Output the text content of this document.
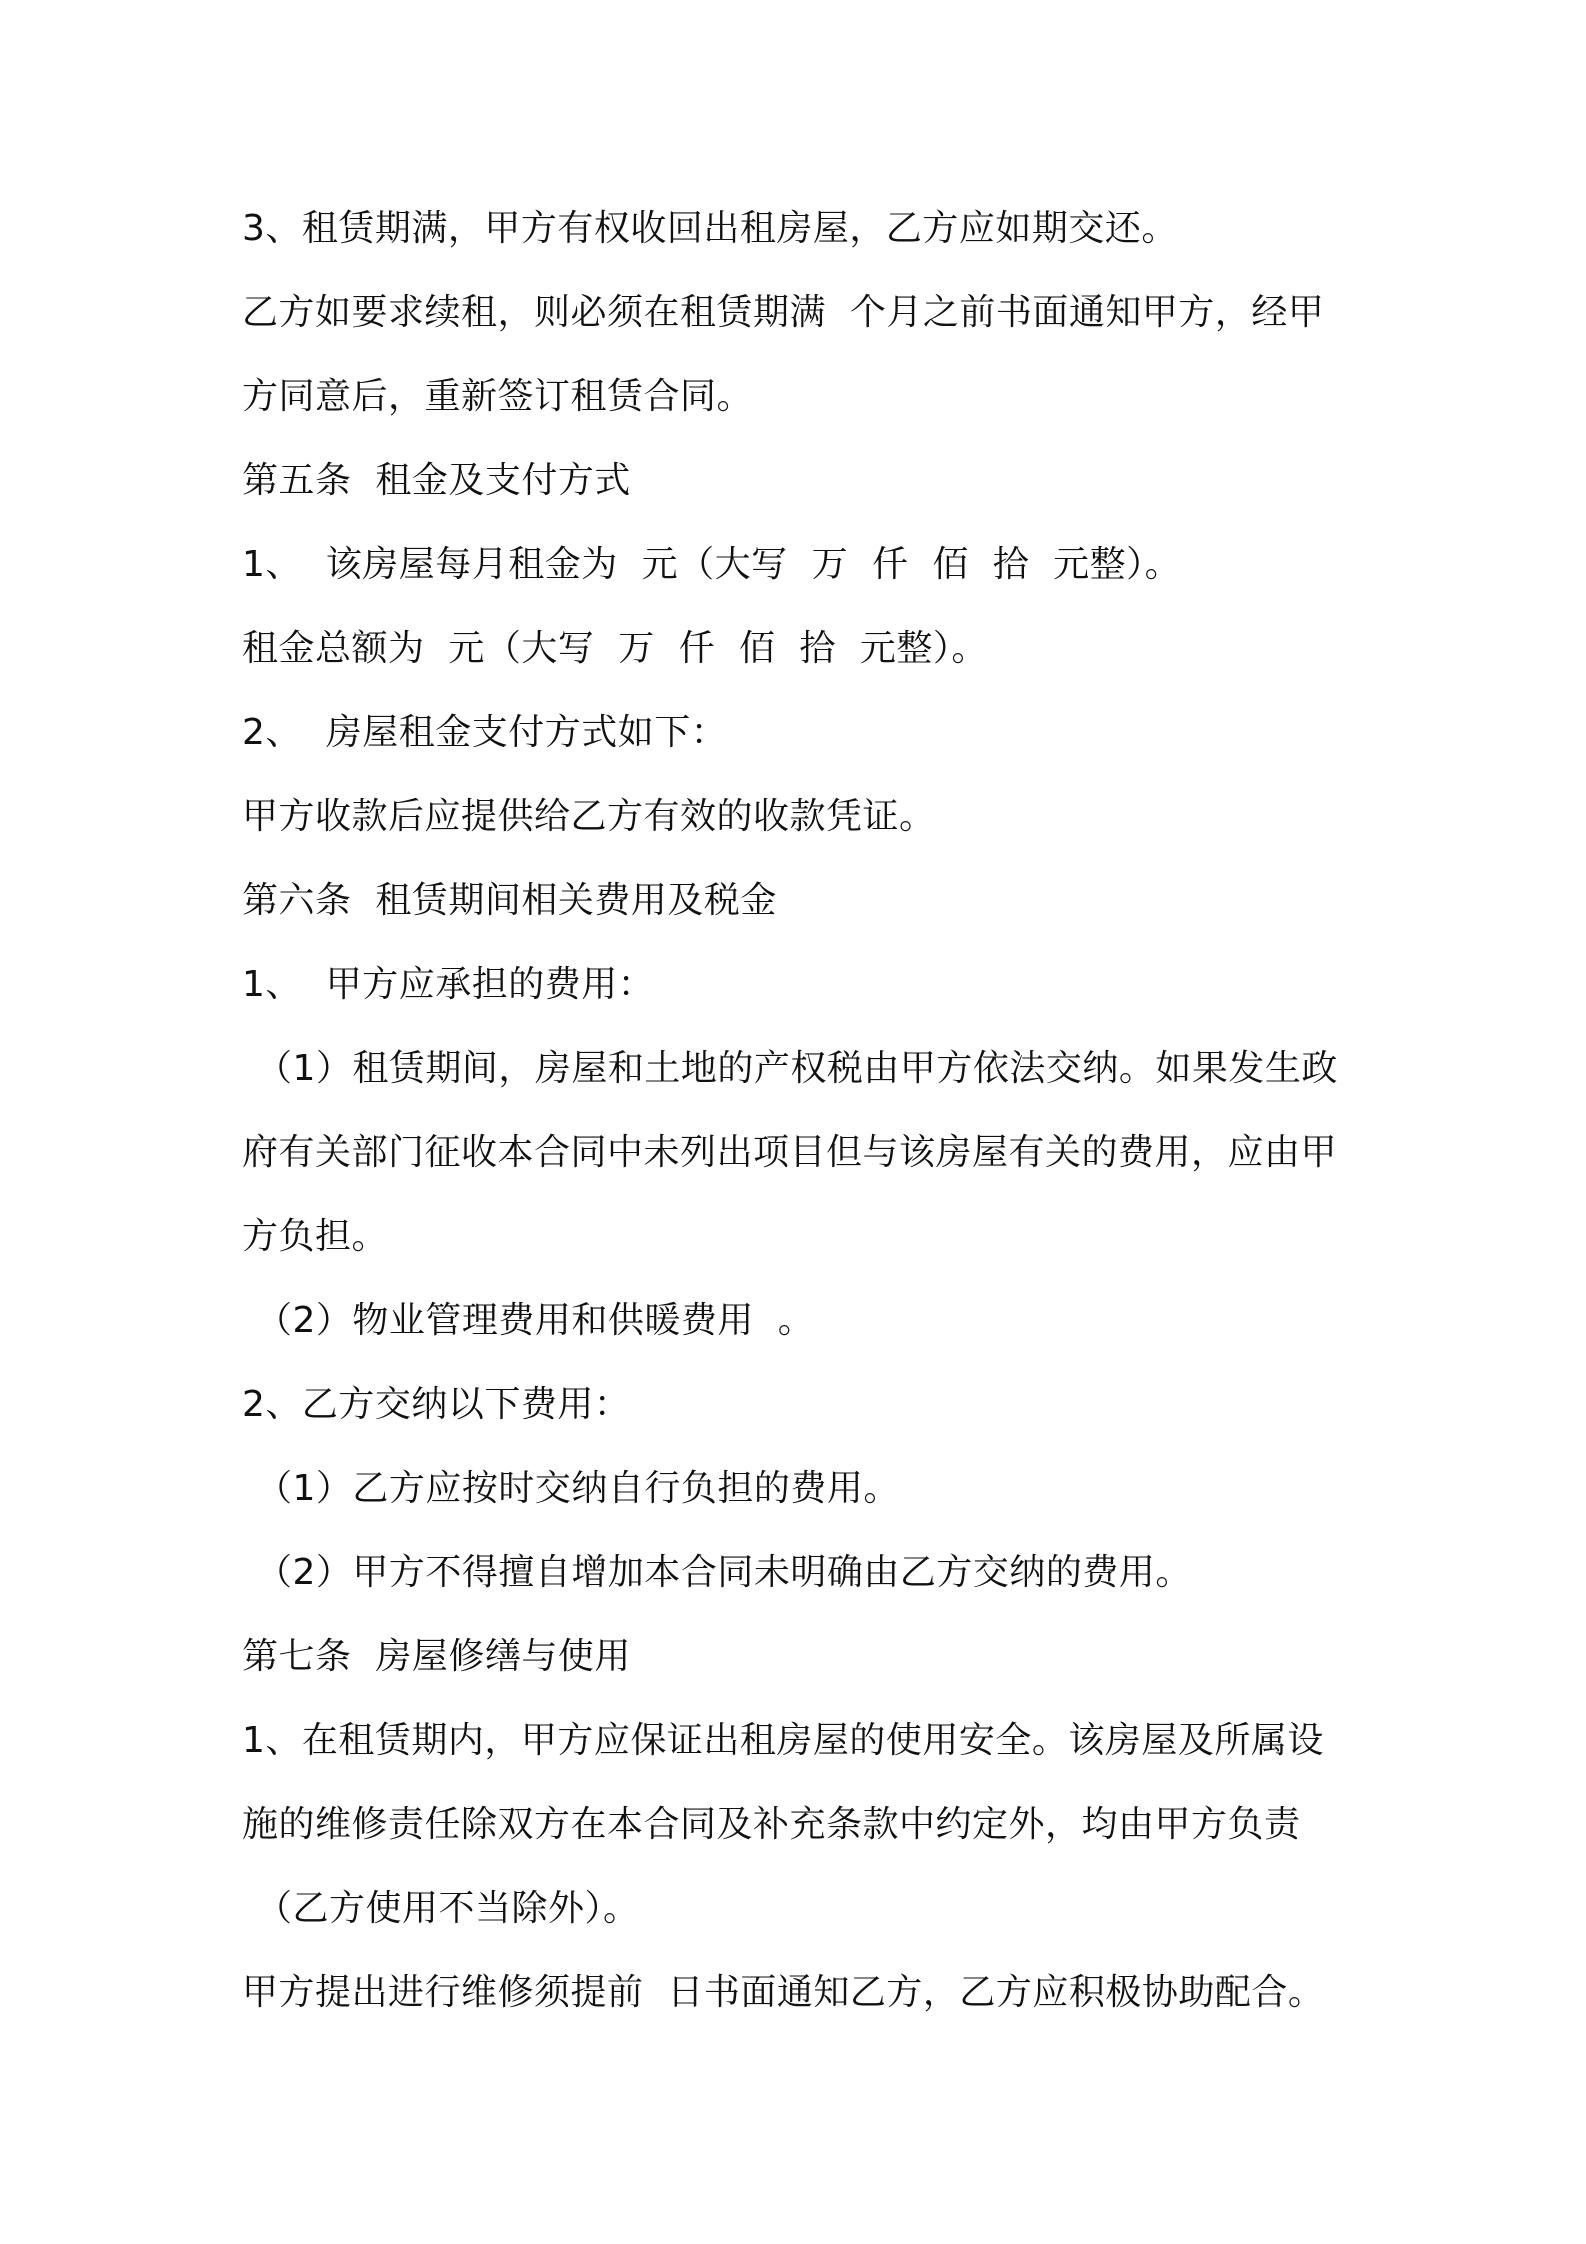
3、租赁期满，甲方有权收回出租房屋，乙方应如期交还。
乙方如要求续租，则必须在租赁期满  个月之前书面通知甲方，经甲
方同意后，重新签订租赁合同。
第五条  租金及支付方式
1、  该房屋每月租金为  元（大写  万  仟  佰  拾  元整）。
租金总额为  元（大写  万  仟  佰  拾  元整）。
2、  房屋租金支付方式如下：
甲方收款后应提供给乙方有效的收款凭证。
第六条  租赁期间相关费用及税金
1、  甲方应承担的费用：
（1）租赁期间，房屋和土地的产权税由甲方依法交纳。如果发生政
府有关部门征收本合同中未列出项目但与该房屋有关的费用，应由甲
方负担。
（2）物业管理费用和供暖费用  。
2、乙方交纳以下费用：
（1）乙方应按时交纳自行负担的费用。
（2）甲方不得擅自增加本合同未明确由乙方交纳的费用。
第七条  房屋修缮与使用
1、在租赁期内，甲方应保证出租房屋的使用安全。该房屋及所属设
施的维修责任除双方在本合同及补充条款中约定外，均由甲方负责
（乙方使用不当除外）。
甲方提出进行维修须提前  日书面通知乙方，乙方应积极协助配合。
